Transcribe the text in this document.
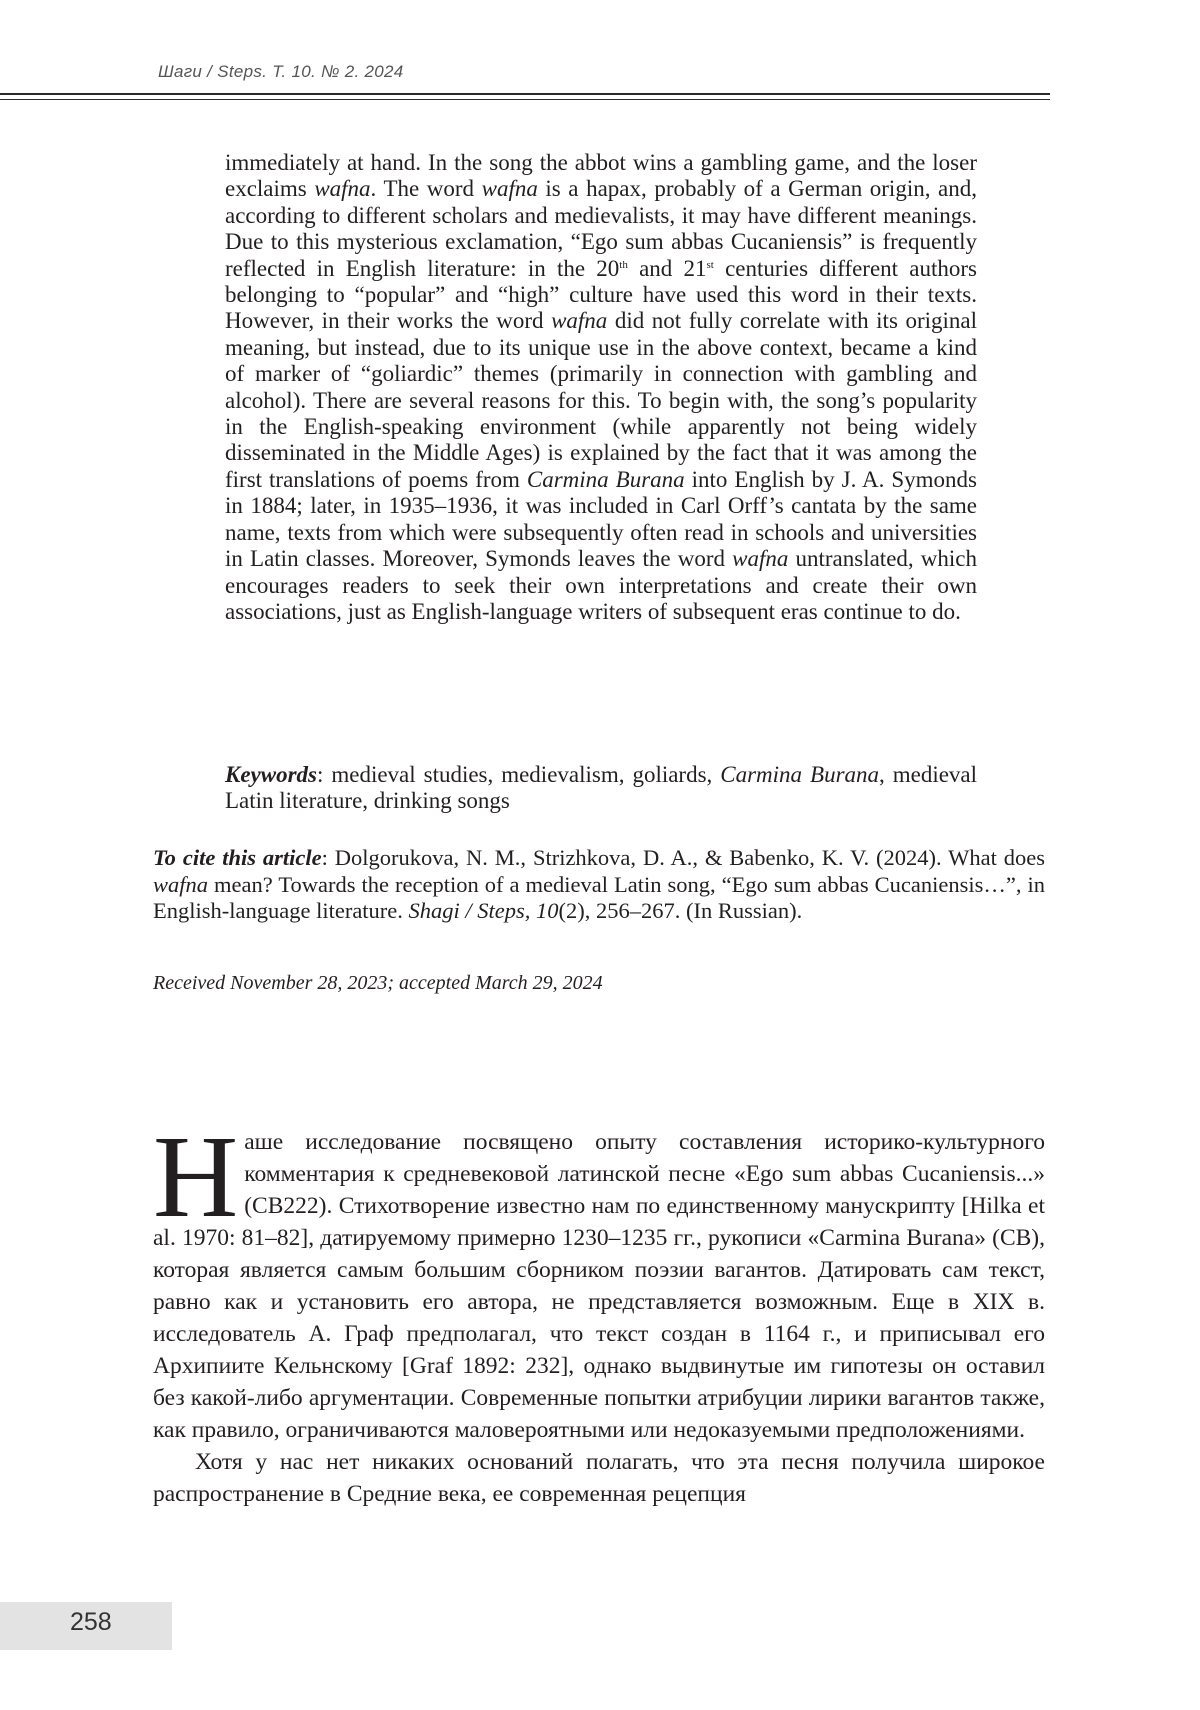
Шаги / Steps. Т. 10. № 2. 2024

immediately at hand. In the song the abbot wins a gambling game, and the loser exclaims wafna. The word wafna is a hapax, probably of a German origin, and, according to different scholars and medievalists, it may have different meanings. Due to this mysterious exclamation, “Ego sum abbas Cucaniensis” is frequently reflected in English literature: in the 20th and 21st centuries different authors belonging to “popular” and “high” culture have used this word in their texts. However, in their works the word wafna did not fully correlate with its original meaning, but instead, due to its unique use in the above context, became a kind of marker of “goliardic” themes (primarily in connection with gambling and alcohol). There are several reasons for this. To begin with, the song’s popularity in the English-speaking environment (while apparently not being widely disseminated in the Middle Ages) is explained by the fact that it was among the first translations of poems from Carmina Burana into English by J. A. Symonds in 1884; later, in 1935–1936, it was included in Carl Orff’s cantata by the same name, texts from which were subsequently often read in schools and universities in Latin classes. Moreover, Symonds leaves the word wafna untranslated, which encourages readers to seek their own interpretations and create their own associations, just as English-language writers of subsequent eras continue to do.

Keywords: medieval studies, medievalism, goliards, Carmina Burana, medieval Latin literature, drinking songs
To cite this article: Dolgorukova, N. M., Strizhkova, D. A., & Babenko, K. V. (2024). What does wafna mean? Towards the reception of a medieval Latin song, “Ego sum abbas Cucaniensis…”, in English-language literature. Shagi / Steps, 10(2), 256–267. (In Russian).
Received November 28, 2023; accepted March 29, 2024

Наше исследование посвящено опыту составления историко-культурного комментария к средневековой латинской песне «Ego sum abbas Cucaniensis...» (CB222). Стихотворение известно нам по единственному манускрипту [Hilka et al. 1970: 81–82], датируемому примерно 1230–1235 гг., рукописи «Carmina Burana» (CB), которая является самым большим сборником поэзии вагантов. Датировать сам текст, равно как и установить его автора, не представляется возможным. Еще в XIX в. исследователь А. Граф предполагал, что текст создан в 1164 г., и приписывал его Архипиите Кельнскому [Graf 1892: 232], однако выдвинутые им гипотезы он оставил без какой-либо аргументации. Современные попытки атрибуции лирики вагантов также, как правило, ограничиваются маловероятными или недоказуемыми предположениями.

Хотя у нас нет никаких оснований полагать, что эта песня получила широкое распространение в Средние века, ее современная рецепция

258
